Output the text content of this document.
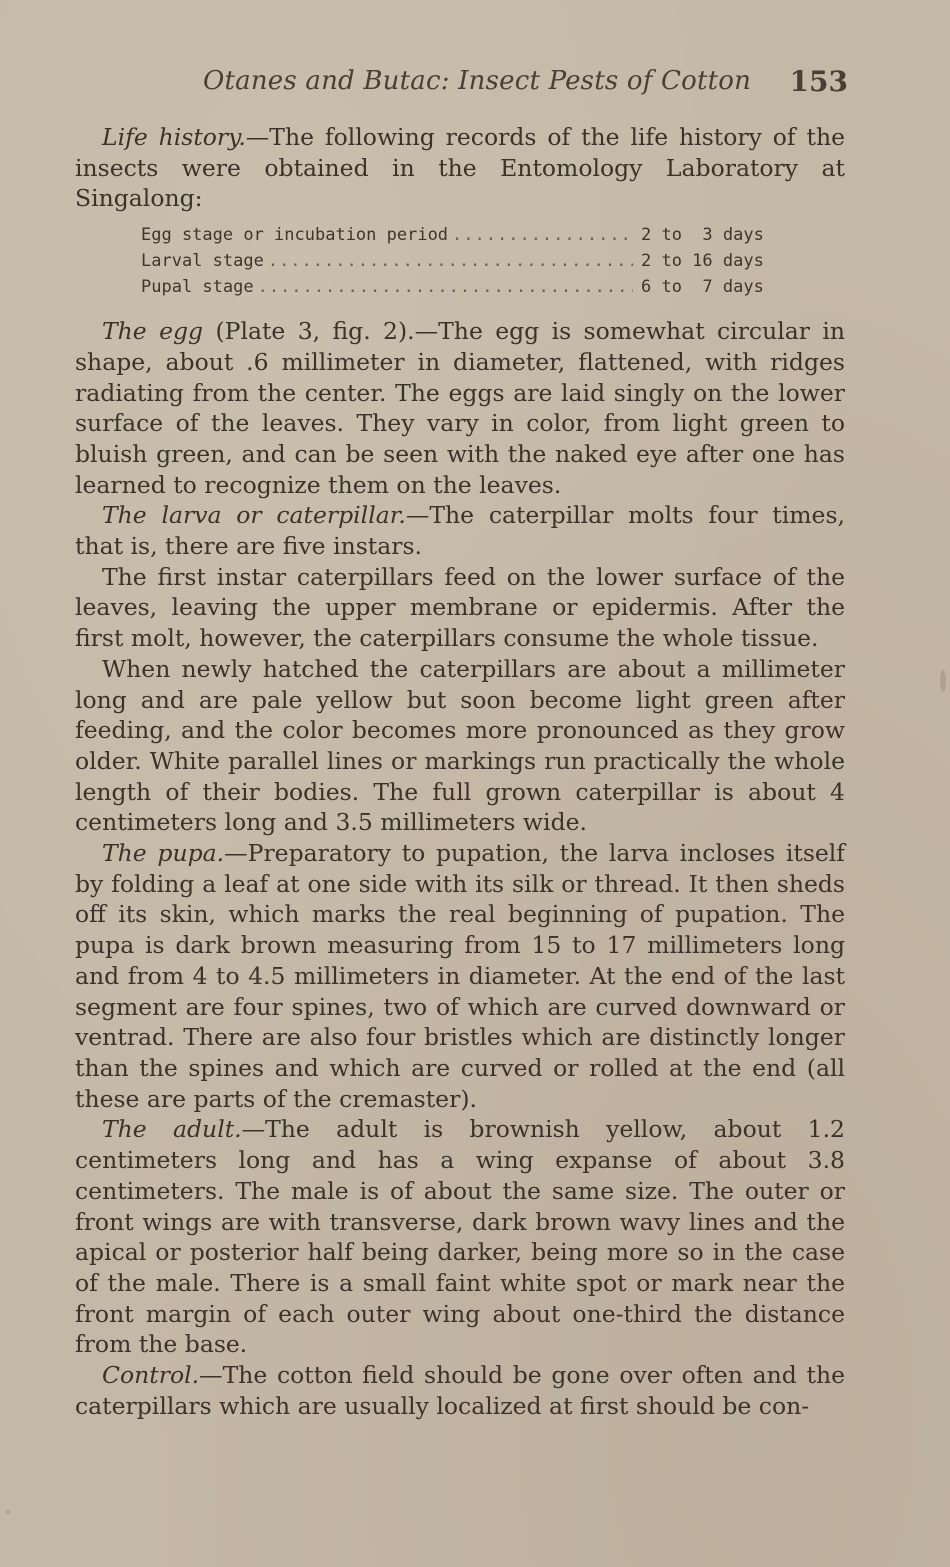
Otanes and Butac: Insect Pests of Cotton 153

Life history.—The following records of the life history of the insects were obtained in the Entomology Laboratory at Singalong:

Egg stage or incubation period .....	2 to  3 days
Larval stage .....	2 to 16 days
Pupal stage .....	6 to  7 days

The egg (Plate 3, fig. 2).—The egg is somewhat circular in shape, about .6 millimeter in diameter, flattened, with ridges radiating from the center. The eggs are laid singly on the lower surface of the leaves. They vary in color, from light green to bluish green, and can be seen with the naked eye after one has learned to recognize them on the leaves.

The larva or caterpillar.—The caterpillar molts four times, that is, there are five instars.

The first instar caterpillars feed on the lower surface of the leaves, leaving the upper membrane or epidermis. After the first molt, however, the caterpillars consume the whole tissue.

When newly hatched the caterpillars are about a millimeter long and are pale yellow but soon become light green after feeding, and the color becomes more pronounced as they grow older. White parallel lines or markings run practically the whole length of their bodies. The full grown caterpillar is about 4 centimeters long and 3.5 millimeters wide.

The pupa.—Preparatory to pupation, the larva incloses itself by folding a leaf at one side with its silk or thread. It then sheds off its skin, which marks the real beginning of pupation. The pupa is dark brown measuring from 15 to 17 millimeters long and from 4 to 4.5 millimeters in diameter. At the end of the last segment are four spines, two of which are curved downward or ventrad. There are also four bristles which are distinctly longer than the spines and which are curved or rolled at the end (all these are parts of the cremaster).

The adult.—The adult is brownish yellow, about 1.2 centimeters long and has a wing expanse of about 3.8 centimeters. The male is of about the same size. The outer or front wings are with transverse, dark brown wavy lines and the apical or posterior half being darker, being more so in the case of the male. There is a small faint white spot or mark near the front margin of each outer wing about one-third the distance from the base.

Control.—The cotton field should be gone over often and the caterpillars which are usually localized at first should be con-
